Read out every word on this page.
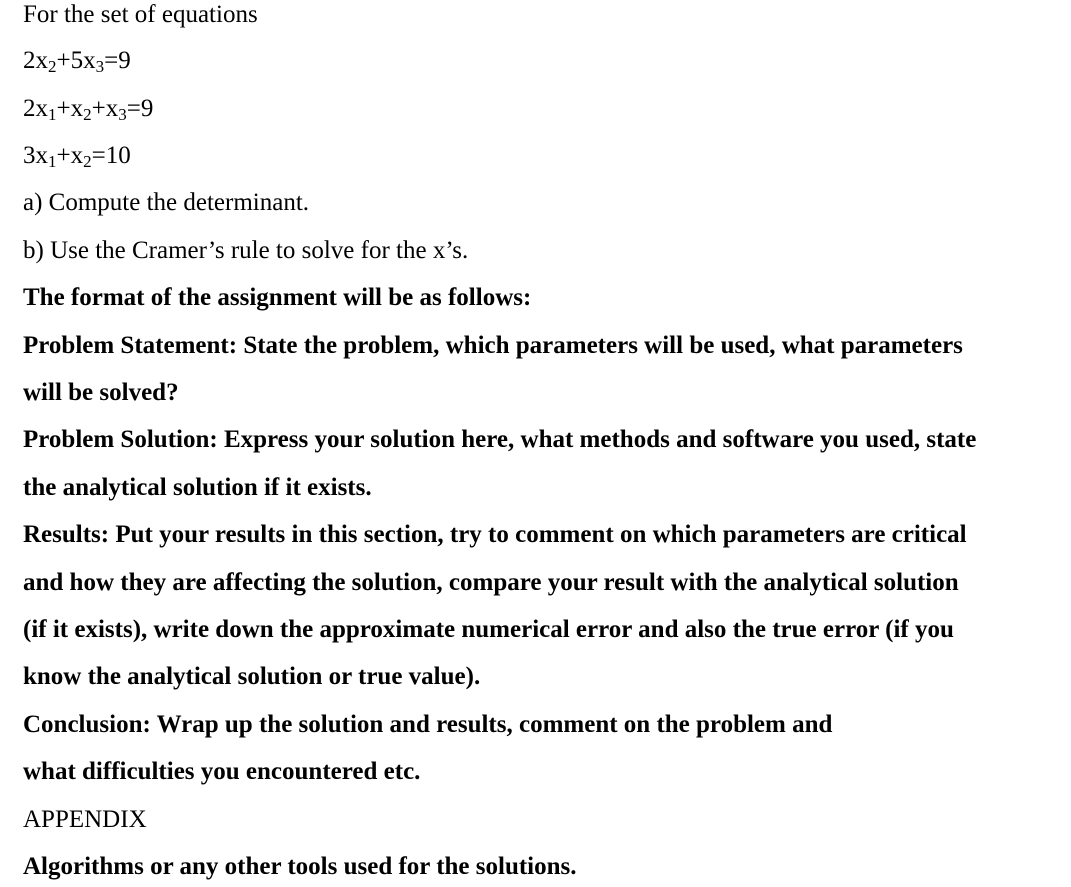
For the set of equations
$2x_2+5x_3=9$
$2x_1+x_2+x_3=9$
$3x_1+x_2=10$
a) Compute the determinant.
b) Use the Cramer’s rule to solve for the x’s.
The format of the assignment will be as follows:
Problem Statement: State the problem, which parameters will be used, what parameters
will be solved?
Problem Solution: Express your solution here, what methods and software you used, state
the analytical solution if it exists.
Results: Put your results in this section, try to comment on which parameters are critical
and how they are affecting the solution, compare your result with the analytical solution
(if it exists), write down the approximate numerical error and also the true error (if you
know the analytical solution or true value).
Conclusion: Wrap up the solution and results, comment on the problem and
what difficulties you encountered etc.
APPENDIX
Algorithms or any other tools used for the solutions.
